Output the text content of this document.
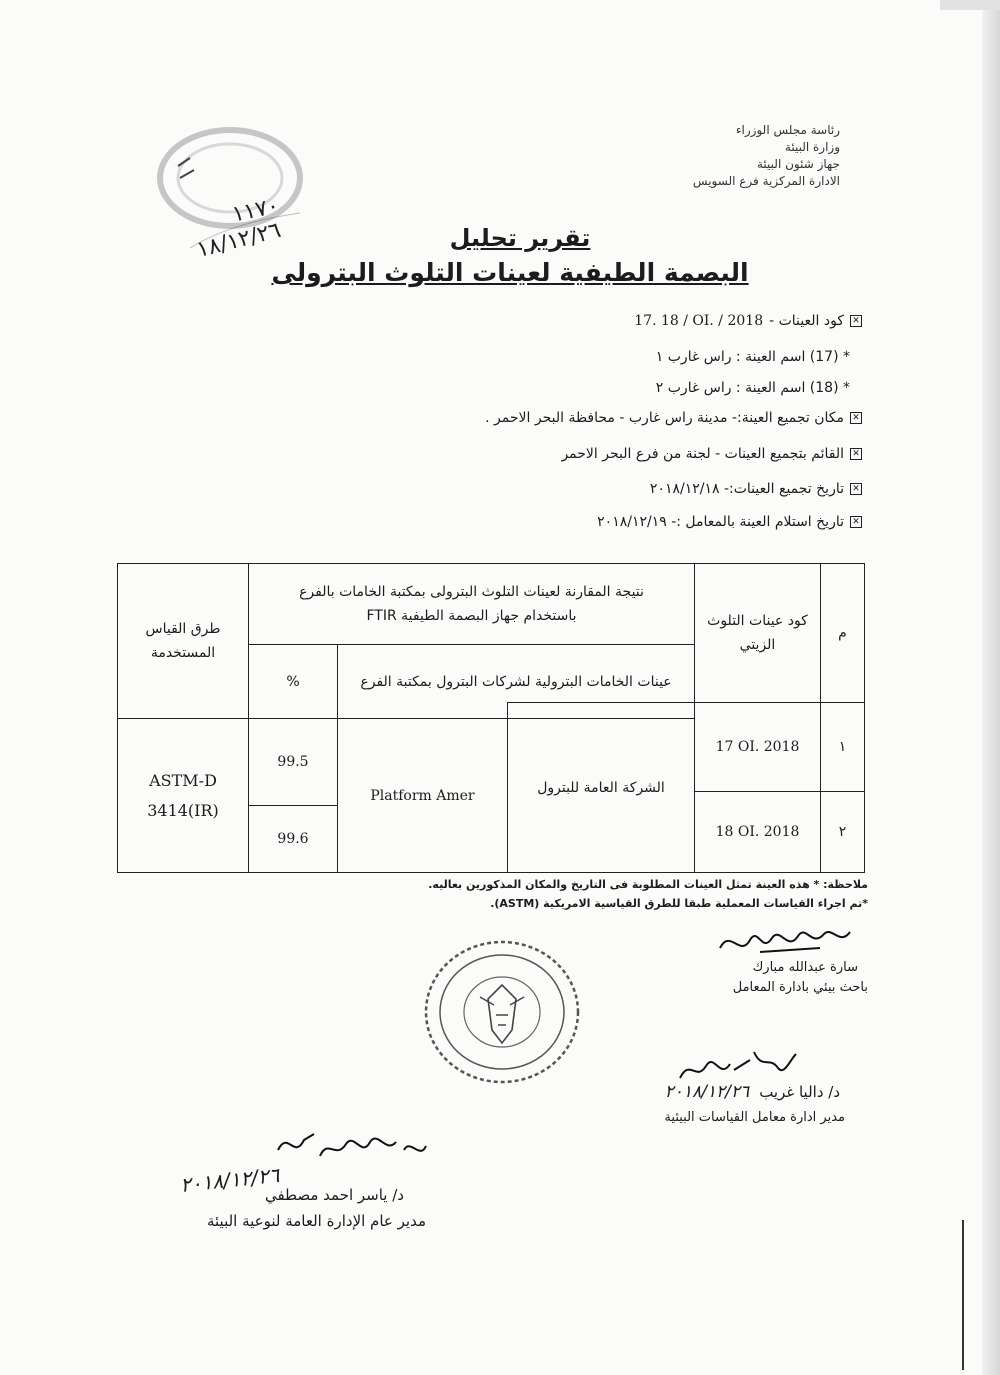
رئاسة مجلس الوزراء
وزارة البيئة
جهاز شئون البيئة
الادارة المركزية فرع السويس
١١٧٠
١٨/١٢/٢٦	تقرير تحليل
البصمة الطيفية لعينات التلوث البترولى
✕
كود العينات -
17. 18 / OI. / 2018
* (17) اسم العينة : راس غارب ١
* (18) اسم العينة : راس غارب ٢
✕
مكان تجميع العينة:- مدينة راس غارب - محافظة البحر الاحمر .
✕
القائم بتجميع العينات - لجنة من فرع البحر الاحمر
✕
تاريخ تجميع العينات:- ٢٠١٨/١٢/١٨
✕
تاريخ استلام العينة بالمعامل :- ٢٠١٨/١٢/١٩
م
كود عينات التلوث الزيتي
نتيجة المقارنة لعينات التلوث البترولى بمكتبة الخامات بالفرع
باستخدام جهاز البصمة الطيفية FTIR
عينات الخامات البترولية لشركات البترول بمكتبة الفرع
%
طرق القياس المستخدمة
١
17 OI. 2018
٢
18 OI. 2018
الشركة العامة للبترول
Platform Amer
99.5
99.6
ASTM-D
3414(IR)
ملاحظة: * هذه العينة تمثل العينات المطلوبة فى التاريخ والمكان المذكورين بعاليه.
*تم اجراء القياسات المعملية طبقا للطرق القياسية الامريكية (ASTM).
سارة عبدالله مبارك
باحث بيئي بادارة المعامل
د/ داليا غريب
٢٠١٨/١٢/٢٦
مدير ادارة معامل القياسات البيئية
٢٠١٨/١٢/٢٦
د/ ياسر احمد مصطفي
مدير عام الإدارة العامة لنوعية البيئة
